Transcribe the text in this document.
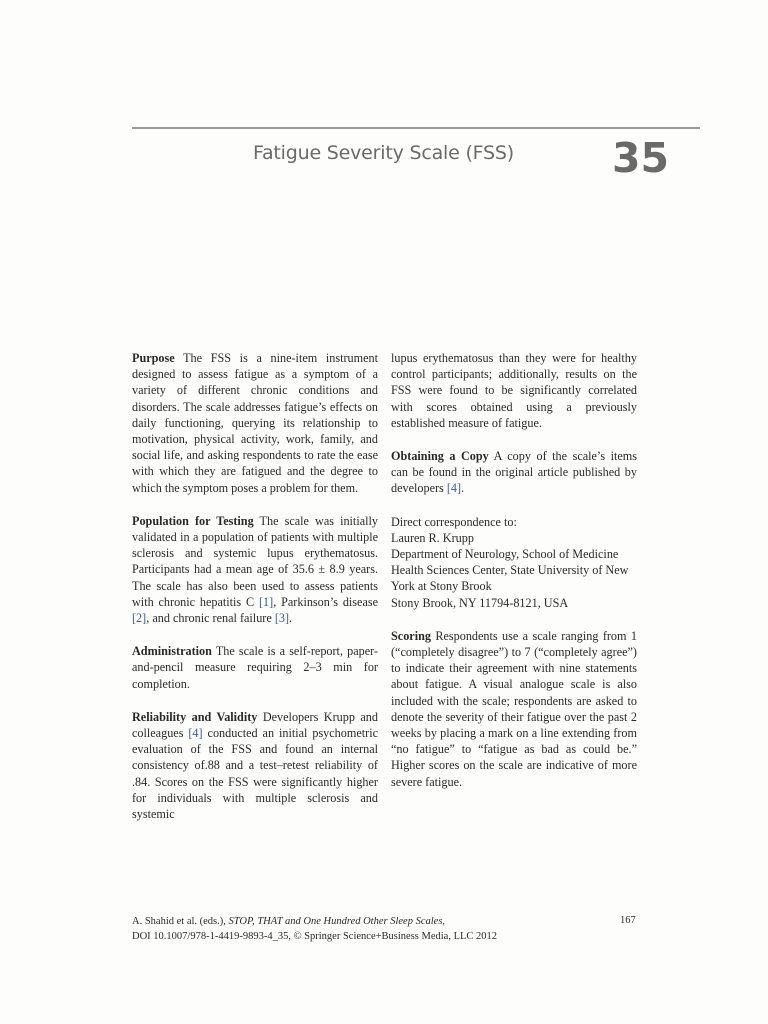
Fatigue Severity Scale (FSS) 35

Purpose The FSS is a nine-item instrument designed to assess fatigue as a symptom of a variety of different chronic conditions and disorders. The scale addresses fatigue’s effects on daily functioning, querying its relationship to motivation, physical activity, work, family, and social life, and asking respondents to rate the ease with which they are fatigued and the degree to which the symptom poses a problem for them.

Population for Testing The scale was initially validated in a population of patients with multiple sclerosis and systemic lupus erythematosus. Participants had a mean age of 35.6 ± 8.9 years. The scale has also been used to assess patients with chronic hepatitis C [1], Parkinson’s disease [2], and chronic renal failure [3].

Administration The scale is a self-report, paper-and-pencil measure requiring 2–3 min for completion.

Reliability and Validity Developers Krupp and colleagues [4] conducted an initial psychometric evaluation of the FSS and found an internal consistency of.88 and a test–retest reliability of .84. Scores on the FSS were significantly higher for individuals with multiple sclerosis and systemic

lupus erythematosus than they were for healthy control participants; additionally, results on the FSS were found to be significantly correlated with scores obtained using a previously established measure of fatigue.

Obtaining a Copy A copy of the scale’s items can be found in the original article published by developers [4].

Direct correspondence to:
Lauren R. Krupp
Department of Neurology, School of Medicine
Health Sciences Center, State University of New York at Stony Brook
Stony Brook, NY 11794-8121, USA

Scoring Respondents use a scale ranging from 1 (“completely disagree”) to 7 (“completely agree”) to indicate their agreement with nine statements about fatigue. A visual analogue scale is also included with the scale; respondents are asked to denote the severity of their fatigue over the past 2 weeks by placing a mark on a line extending from “no fatigue” to “fatigue as bad as could be.” Higher scores on the scale are indicative of more severe fatigue.

A. Shahid et al. (eds.), STOP, THAT and One Hundred Other Sleep Scales,
DOI 10.1007/978-1-4419-9893-4_35, © Springer Science+Business Media, LLC 2012
167
